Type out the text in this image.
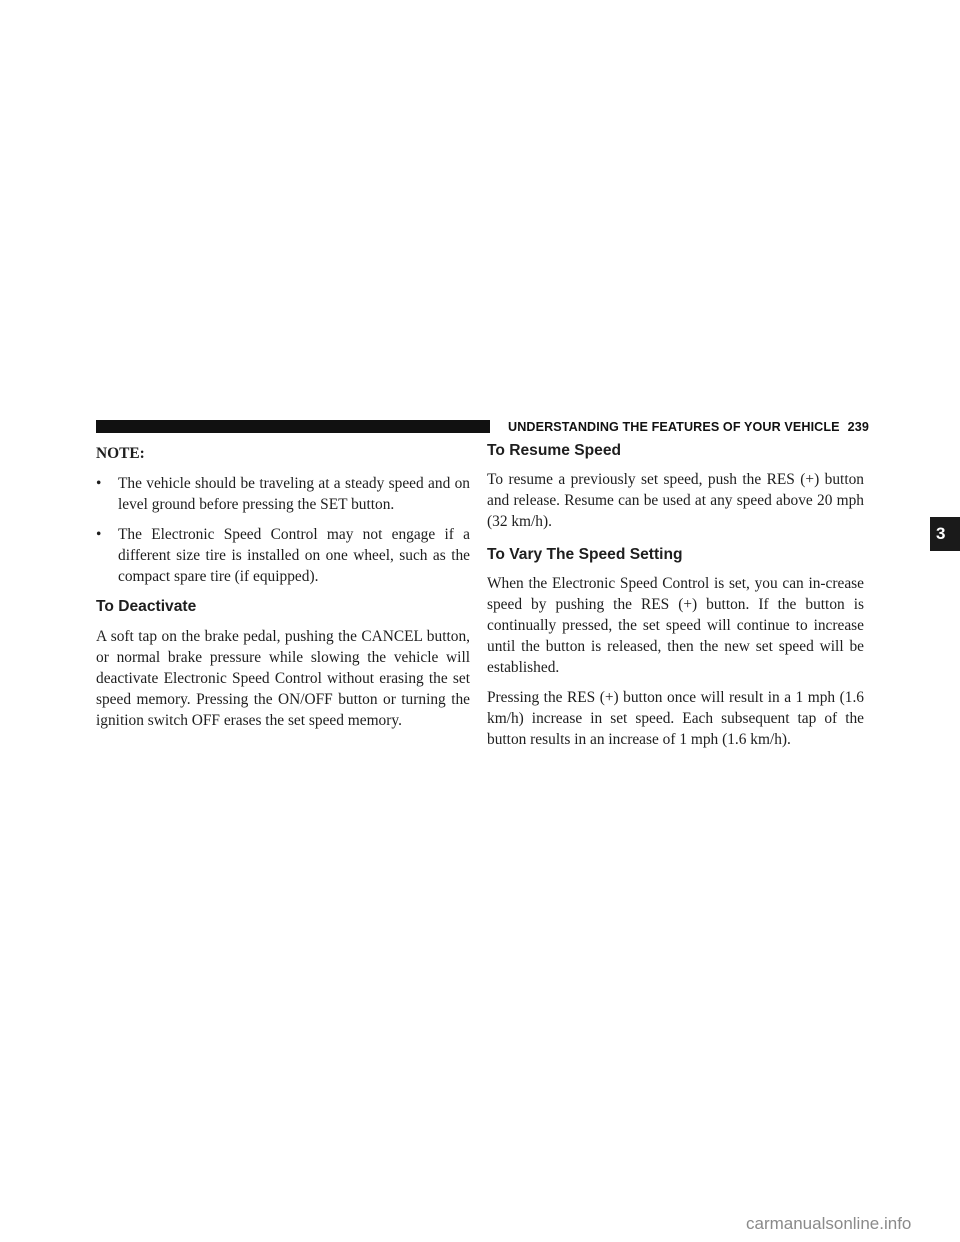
UNDERSTANDING THE FEATURES OF YOUR VEHICLE 239
3

NOTE:

• The vehicle should be traveling at a steady speed and on level ground before pressing the SET button.
• The Electronic Speed Control may not engage if a different size tire is installed on one wheel, such as the compact spare tire (if equipped).
To Deactivate

A soft tap on the brake pedal, pushing the CANCEL button, or normal brake pressure while slowing the vehicle will deactivate Electronic Speed Control without erasing the set speed memory. Pressing the ON/OFF button or turning the ignition switch OFF erases the set speed memory.

To Resume Speed

To resume a previously set speed, push the RES (+) button and release. Resume can be used at any speed above 20 mph (32 km/h).

To Vary The Speed Setting

When the Electronic Speed Control is set, you can in-crease speed by pushing the RES (+) button. If the button is continually pressed, the set speed will continue to increase until the button is released, then the new set speed will be established.

Pressing the RES (+) button once will result in a 1 mph (1.6 km/h) increase in set speed. Each subsequent tap of the button results in an increase of 1 mph (1.6 km/h).

carmanualsonline.info
